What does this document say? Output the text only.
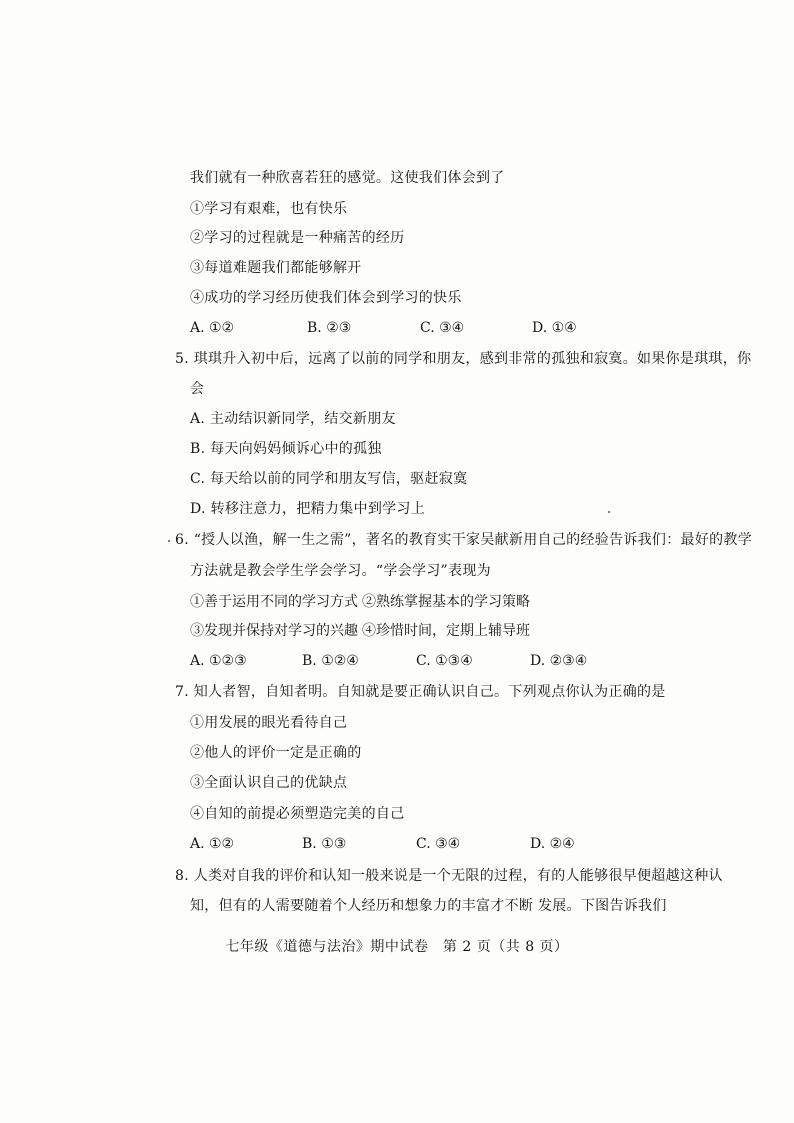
我们就有一种欣喜若狂的感觉。这使我们体会到了
①学习有艰难，也有快乐
②学习的过程就是一种痛苦的经历
③每道难题我们都能够解开
④成功的学习经历使我们体会到学习的快乐
A. ①②	B. ②③	C. ③④	D. ①④
5. 琪琪升入初中后，远离了以前的同学和朋友，感到非常的孤独和寂寞。如果你是琪琪，你
会
A. 主动结识新同学，结交新朋友
B. 每天向妈妈倾诉心中的孤独
C. 每天给以前的同学和朋友写信，驱赶寂寞
D. 转移注意力，把精力集中到学习上
6. “授人以渔，解一生之需”，著名的教育实干家吴献新用自己的经验告诉我们：最好的教学
方法就是教会学生学会学习。“学会学习”表现为
①善于运用不同的学习方式 ②熟练掌握基本的学习策略
③发现并保持对学习的兴趣 ④珍惜时间，定期上辅导班
A. ①②③	B. ①②④	C. ①③④	D. ②③④
7. 知人者智，自知者明。自知就是要正确认识自己。下列观点你认为正确的是
①用发展的眼光看待自己
②他人的评价一定是正确的
③全面认识自己的优缺点
④自知的前提必须塑造完美的自己
A. ①②	B. ①③	C. ③④	D. ②④
8. 人类对自我的评价和认知一般来说是一个无限的过程，有的人能够很早便超越这种认
知，但有的人需要随着个人经历和想象力的丰富才不断 发展。下图告诉我们
七年级《道德与法治》期中试卷　第 2 页（共 8 页）
